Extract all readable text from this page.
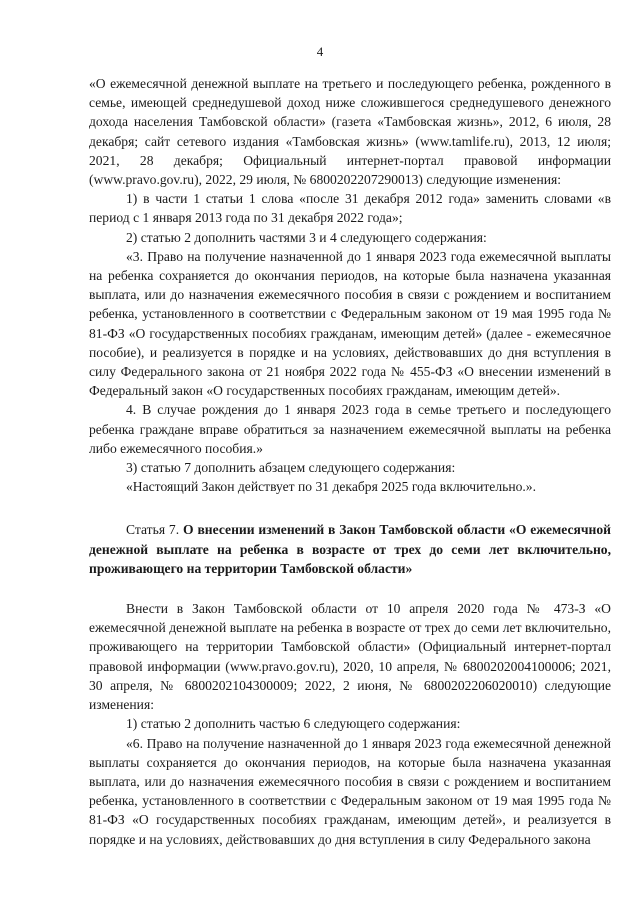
4

«О ежемесячной денежной выплате на третьего и последующего ребенка, рожденного в семье, имеющей среднедушевой доход ниже сложившегося среднедушевого денежного дохода населения Тамбовской области» (газета «Тамбовская жизнь», 2012, 6 июля, 28 декабря; сайт сетевого издания «Тамбовская жизнь» (www.tamlife.ru), 2013, 12 июля; 2021, 28 декабря; Официальный интернет-портал правовой информации (www.pravo.gov.ru), 2022, 29 июля, № 6800202207290013) следующие изменения:

1) в части 1 статьи 1 слова «после 31 декабря 2012 года» заменить словами «в период с 1 января 2013 года по 31 декабря 2022 года»;

2) статью 2 дополнить частями 3 и 4 следующего содержания:

«3. Право на получение назначенной до 1 января 2023 года ежемесячной выплаты на ребенка сохраняется до окончания периодов, на которые была назначена указанная выплата, или до назначения ежемесячного пособия в связи с рождением и воспитанием ребенка, установленного в соответствии с Федеральным законом от 19 мая 1995 года № 81-ФЗ «О государственных пособиях гражданам, имеющим детей» (далее - ежемесячное пособие), и реализуется в порядке и на условиях, действовавших до дня вступления в силу Федерального закона от 21 ноября 2022 года № 455-ФЗ «О внесении изменений в Федеральный закон «О государственных пособиях гражданам, имеющим детей».

4. В случае рождения до 1 января 2023 года в семье третьего и последующего ребенка граждане вправе обратиться за назначением ежемесячной выплаты на ребенка либо ежемесячного пособия.»

3) статью 7 дополнить абзацем следующего содержания:

«Настоящий Закон действует по 31 декабря 2025 года включительно.».

Статья 7. О внесении изменений в Закон Тамбовской области «О ежемесячной денежной выплате на ребенка в возрасте от трех до семи лет включительно, проживающего на территории Тамбовской области»

Внести в Закон Тамбовской области от 10 апреля 2020 года № 473-З «О ежемесячной денежной выплате на ребенка в возрасте от трех до семи лет включительно, проживающего на территории Тамбовской области» (Официальный интернет-портал правовой информации (www.pravo.gov.ru), 2020, 10 апреля, № 6800202004100006; 2021, 30 апреля, № 6800202104300009; 2022, 2 июня, № 6800202206020010) следующие изменения:

1) статью 2 дополнить частью 6 следующего содержания:

«6. Право на получение назначенной до 1 января 2023 года ежемесячной денежной выплаты сохраняется до окончания периодов, на которые была назначена указанная выплата, или до назначения ежемесячного пособия в связи с рождением и воспитанием ребенка, установленного в соответствии с Федеральным законом от 19 мая 1995 года № 81-ФЗ «О государственных пособиях гражданам, имеющим детей», и реализуется в порядке и на условиях, действовавших до дня вступления в силу Федерального закона
